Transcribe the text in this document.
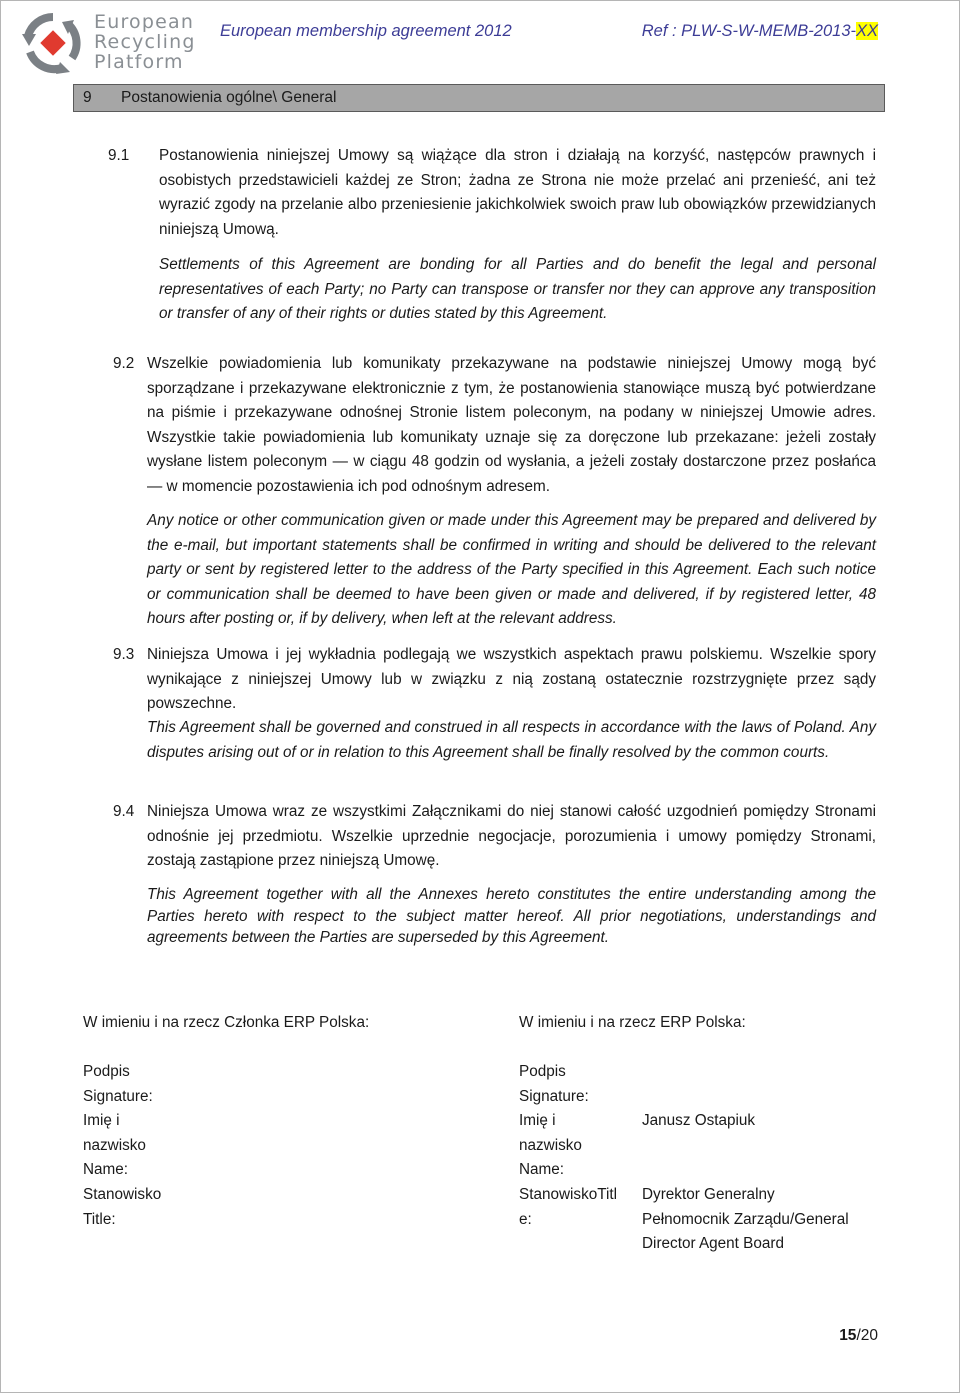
European
Recycling
Platform
European membership agreement 2012	Ref : PLW-S-W-MEMB-2013-XX
9 Postanowienia ogólne\ General
9.1 Postanowienia niniejszej Umowy są wiążące dla stron i działają na korzyść, następców prawnych i osobistych przedstawicieli każdej ze Stron; żadna ze Strona nie może przelać ani przenieść, ani też wyrazić zgody na przelanie albo przeniesienie jakichkolwiek swoich praw lub obowiązków przewidzianych niniejszą Umową.
Settlements of this Agreement are bonding for all Parties and do benefit the legal and personal representatives of each Party; no Party can transpose or transfer nor they can approve any transposition or transfer of any of their rights or duties stated by this Agreement.
9.2 Wszelkie powiadomienia lub komunikaty przekazywane na podstawie niniejszej Umowy mogą być sporządzane i przekazywane elektronicznie z tym, że postanowienia stanowiące muszą być potwierdzane na piśmie i przekazywane odnośnej Stronie listem poleconym, na podany w niniejszej Umowie adres. Wszystkie takie powiadomienia lub komunikaty uznaje się za doręczone lub przekazane: jeżeli zostały wysłane listem poleconym — w ciągu 48 godzin od wysłania, a jeżeli zostały dostarczone przez posłańca — w momencie pozostawienia ich pod odnośnym adresem.
Any notice or other communication given or made under this Agreement may be prepared and delivered by the e-mail, but important statements shall be confirmed in writing and should be delivered to the relevant party or sent by registered letter to the address of the Party specified in this Agreement. Each such notice or communication shall be deemed to have been given or made and delivered, if by registered letter, 48 hours after posting or, if by delivery, when left at the relevant address.
9.3 Niniejsza Umowa i jej wykładnia podlegają we wszystkich aspektach prawu polskiemu. Wszelkie spory wynikające z niniejszej Umowy lub w związku z nią zostaną ostatecznie rozstrzygnięte przez sądy powszechne.
This Agreement shall be governed and construed in all respects in accordance with the laws of Poland. Any disputes arising out of or in relation to this Agreement shall be finally resolved by the common courts.
9.4 Niniejsza Umowa wraz ze wszystkimi Załącznikami do niej stanowi całość uzgodnień pomiędzy Stronami odnośnie jej przedmiotu. Wszelkie uprzednie negocjacje, porozumienia i umowy pomiędzy Stronami, zostają zastąpione przez niniejszą Umowę.
This Agreement together with all the Annexes hereto constitutes the entire understanding among the Parties hereto with respect to the subject matter hereof. All prior negotiations, understandings and agreements between the Parties are superseded by this Agreement.
W imieniu i na rzecz Członka ERP Polska:
Podpis
Signature:
Imię i
nazwisko
Name:
Stanowisko
Title:
W imieniu i na rzecz ERP Polska:
Podpis
Signature:
Imię i
nazwisko
Name:
StanowiskoTitl
e:
Janusz Ostapiuk
Dyrektor Generalny
Pełnomocnik Zarządu/General
Director Agent Board
15/20
